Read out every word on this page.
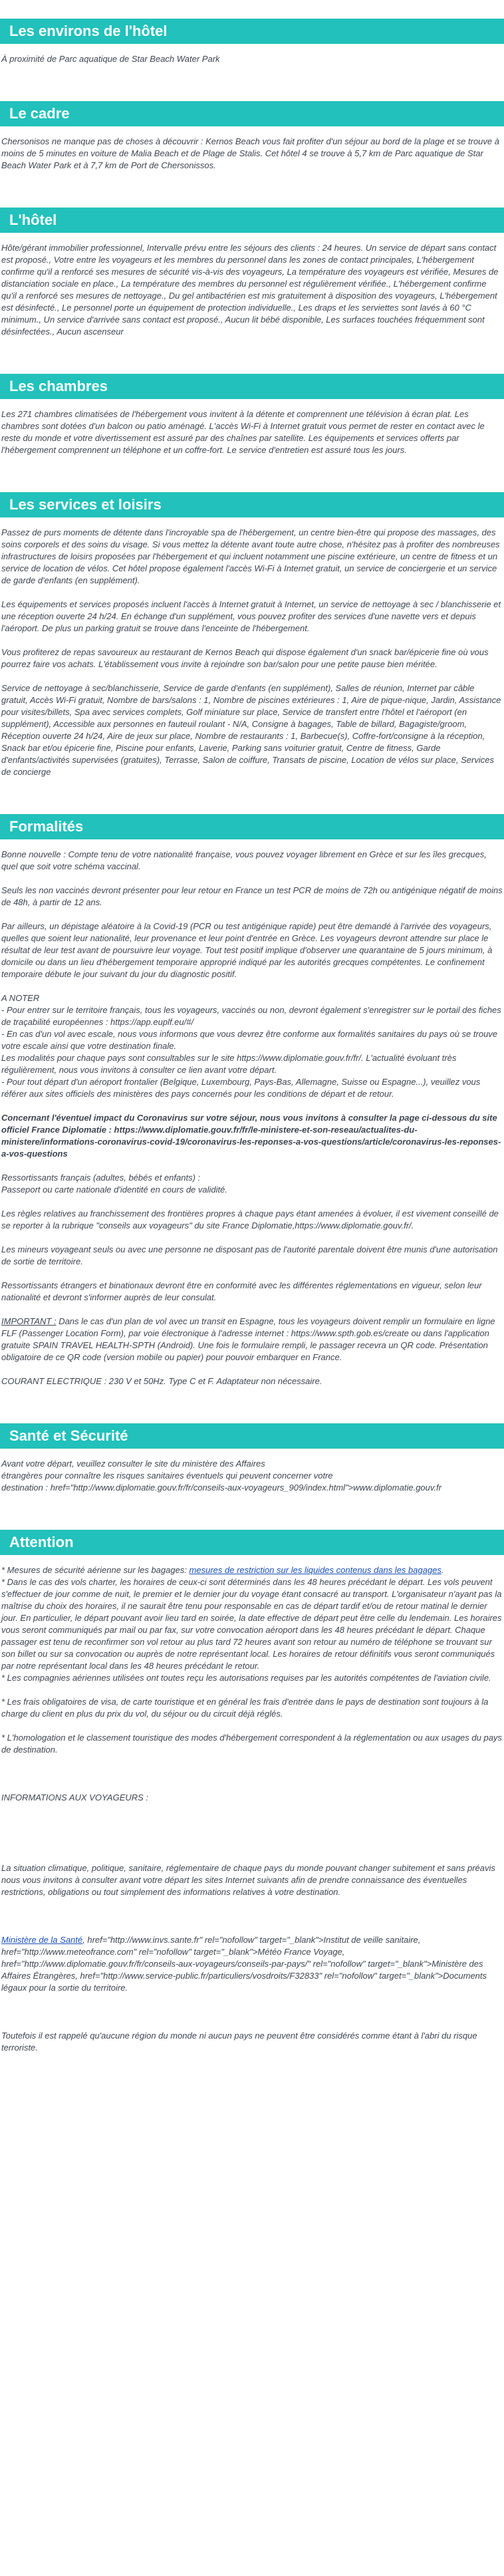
Les environs de l'hôtel

À proximité de Parc aquatique de Star Beach Water Park

Le cadre

Chersonisos ne manque pas de choses à découvrir : Kernos Beach vous fait profiter d'un séjour au bord de la plage et se trouve à moins de 5 minutes en voiture de Malia Beach et de Plage de Stalis. Cet hôtel 4 se trouve à 5,7 km de Parc aquatique de Star Beach Water Park et à 7,7 km de Port de Chersonissos.

L'hôtel

Hôte/gérant immobilier professionnel, Intervalle prévu entre les séjours des clients : 24 heures. Un service de départ sans contact est proposé., Votre entre les voyageurs et les membres du personnel dans les zones de contact principales, L'hébergement confirme qu'il a renforcé ses mesures de sécurité vis-à-vis des voyageurs, La température des voyageurs est vérifiée, Mesures de distanciation sociale en place., La température des membres du personnel est régulièrement vérifiée., L'hébergement confirme qu'il a renforcé ses mesures de nettoyage., Du gel antibactérien est mis gratuitement à disposition des voyageurs, L'hébergement est désinfecté., Le personnel porte un équipement de protection individuelle., Les draps et les serviettes sont lavés à 60 °C minimum., Un service d'arrivée sans contact est proposé., Aucun lit bébé disponible, Les surfaces touchées fréquemment sont désinfectées., Aucun ascenseur

Les chambres

Les 271 chambres climatisées de l'hébergement vous invitent à la détente et comprennent une télévision à écran plat. Les chambres sont dotées d'un balcon ou patio aménagé. L'accès Wi-Fi à Internet gratuit vous permet de rester en contact avec le reste du monde et votre divertissement est assuré par des chaînes par satellite. Les équipements et services offerts par l'hébergement comprennent un téléphone et un coffre-fort. Le service d'entretien est assuré tous les jours.

Les services et loisirs

Passez de purs moments de détente dans l'incroyable spa de l'hébergement, un centre bien-être qui propose des massages, des soins corporels et des soins du visage. Si vous mettez la détente avant toute autre chose, n'hésitez pas à profiter des nombreuses infrastructures de loisirs proposées par l'hébergement et qui incluent notamment une piscine extérieure, un centre de fitness et un service de location de vélos. Cet hôtel propose également l'accès Wi-Fi à Internet gratuit, un service de conciergerie et un service de garde d'enfants (en supplément).

Les équipements et services proposés incluent l'accès à Internet gratuit à Internet, un service de nettoyage à sec / blanchisserie et une réception ouverte 24 h/24. En échange d'un supplément, vous pouvez profiter des services d'une navette vers et depuis l'aéroport. De plus un parking gratuit se trouve dans l'enceinte de l'hébergement.

Vous profiterez de repas savoureux au restaurant de Kernos Beach qui dispose également d'un snack bar/épicerie fine où vous pourrez faire vos achats. L'établissement vous invite à rejoindre son bar/salon pour une petite pause bien méritée.

Service de nettoyage à sec/blanchisserie, Service de garde d'enfants (en supplément), Salles de réunion, Internet par câble gratuit, Accès Wi-Fi gratuit, Nombre de bars/salons : 1, Nombre de piscines extérieures : 1, Aire de pique-nique, Jardin, Assistance pour visites/billets, Spa avec services complets, Golf miniature sur place, Service de transfert entre l'hôtel et l'aéroport (en supplément), Accessible aux personnes en fauteuil roulant - N/A, Consigne à bagages, Table de billard, Bagagiste/groom, Réception ouverte 24 h/24, Aire de jeux sur place, Nombre de restaurants : 1, Barbecue(s), Coffre-fort/consigne à la réception, Snack bar et/ou épicerie fine, Piscine pour enfants, Laverie, Parking sans voiturier gratuit, Centre de fitness, Garde d'enfants/activités supervisées (gratuites), Terrasse, Salon de coiffure, Transats de piscine, Location de vélos sur place, Services de concierge

Formalités

Bonne nouvelle : Compte tenu de votre nationalité française, vous pouvez voyager librement en Grèce et sur les îles grecques, quel que soit votre schéma vaccinal.

Seuls les non vaccinés devront présenter pour leur retour en France un test PCR de moins de 72h ou antigénique négatif de moins de 48h, à partir de 12 ans.

Par ailleurs, un dépistage aléatoire à la Covid-19 (PCR ou test antigénique rapide) peut être demandé à l'arrivée des voyageurs, quelles que soient leur nationalité, leur provenance et leur point d'entrée en Grèce. Les voyageurs devront attendre sur place le résultat de leur test avant de poursuivre leur voyage. Tout test positif implique d'observer une quarantaine de 5 jours minimum, à domicile ou dans un lieu d'hébergement temporaire approprié indiqué par les autorités grecques compétentes. Le confinement temporaire débute le jour suivant du jour du diagnostic positif.

A NOTER
- Pour entrer sur le territoire français, tous les voyageurs, vaccinés ou non, devront également s'enregistrer sur le portail des fiches de traçabilité européennes : https://app.euplf.eu/#/
- En cas d'un vol avec escale, nous vous informons que vous devrez être conforme aux formalités sanitaires du pays où se trouve votre escale ainsi que votre destination finale.
Les modalités pour chaque pays sont consultables sur le site https://www.diplomatie.gouv.fr/fr/. L'actualité évoluant très régulièrement, nous vous invitons à consulter ce lien avant votre départ.
- Pour tout départ d'un aéroport frontalier (Belgique, Luxembourg, Pays-Bas, Allemagne, Suisse ou Espagne...), veuillez vous référer aux sites officiels des ministères des pays concernés pour les conditions de départ et de retour.

Concernant l'éventuel impact du Coronavirus sur votre séjour, nous vous invitons à consulter la page ci-dessous du site officiel France Diplomatie : https://www.diplomatie.gouv.fr/fr/le-ministere-et-son-reseau/actualites-du-ministere/informations-coronavirus-covid-19/coronavirus-les-reponses-a-vos-questions/article/coronavirus-les-reponses-a-vos-questions

Ressortissants français (adultes, bébés et enfants) :
Passeport ou carte nationale d'identité en cours de validité.

Les règles relatives au franchissement des frontières propres à chaque pays étant amenées à évoluer, il est vivement conseillé de se reporter à la rubrique "conseils aux voyageurs" du site France Diplomatie,https://www.diplomatie.gouv.fr/.

Les mineurs voyageant seuls ou avec une personne ne disposant pas de l'autorité parentale doivent être munis d'une autorisation de sortie de territoire.

Ressortissants étrangers et binationaux devront être en conformité avec les différentes réglementations en vigueur, selon leur nationalité et devront s'informer auprès de leur consulat.

IMPORTANT : Dans le cas d'un plan de vol avec un transit en Espagne, tous les voyageurs doivent remplir un formulaire en ligne FLF (Passenger Location Form), par voie électronique à l'adresse internet : https://www.spth.gob.es/create ou dans l'application gratuite SPAIN TRAVEL HEALTH-SPTH (Android). Une fois le formulaire rempli, le passager recevra un QR code. Présentation obligatoire de ce QR code (version mobile ou papier) pour pouvoir embarquer en France.

COURANT ELECTRIQUE : 230 V et 50Hz. Type C et F. Adaptateur non nécessaire.

Santé et Sécurité

Avant votre départ, veuillez consulter le site du ministère des Affaires
étrangères pour connaître les risques sanitaires éventuels qui peuvent concerner votre
destination : href="http://www.diplomatie.gouv.fr/fr/conseils-aux-voyageurs_909/index.html">www.diplomatie.gouv.fr

Attention

* Mesures de sécurité aérienne sur les bagages: mesures de restriction sur les liquides contenus dans les bagages.

* Dans le cas des vols charter, les horaires de ceux-ci sont déterminés dans les 48 heures précédant le départ. Les vols peuvent s'effectuer de jour comme de nuit, le premier et le dernier jour du voyage étant consacré au transport. L'organisateur n'ayant pas la maîtrise du choix des horaires, il ne saurait être tenu pour responsable en cas de départ tardif et/ou de retour matinal le dernier jour. En particulier, le départ pouvant avoir lieu tard en soirée, la date effective de départ peut être celle du lendemain. Les horaires vous seront communiqués par mail ou par fax, sur votre convocation aéroport dans les 48 heures précédant le départ. Chaque passager est tenu de reconfirmer son vol retour au plus tard 72 heures avant son retour au numéro de téléphone se trouvant sur son billet ou sur sa convocation ou auprès de notre représentant local. Les horaires de retour définitifs vous seront communiqués par notre représentant local dans les 48 heures précédant le retour.

* Les compagnies aériennes utilisées ont toutes reçu les autorisations requises par les autorités compétentes de l'aviation civile.

* Les frais obligatoires de visa, de carte touristique et en général les frais d'entrée dans le pays de destination sont toujours à la charge du client en plus du prix du vol, du séjour ou du circuit déjà réglés.

* L'homologation et le classement touristique des modes d'hébergement correspondent à la réglementation ou aux usages du pays de destination.

INFORMATIONS AUX VOYAGEURS :

La situation climatique, politique, sanitaire, réglementaire de chaque pays du monde pouvant changer subitement et sans préavis
nous vous invitons à consulter avant votre départ les sites Internet suivants afin de prendre connaissance des éventuelles restrictions, obligations ou tout simplement des informations relatives à votre destination.

Ministère de la Santé, href="http://www.invs.sante.fr" rel="nofollow" target="_blank">Institut de veille sanitaire, href="http://www.meteofrance.com" rel="nofollow" target="_blank">Météo France Voyage, href="http://www.diplomatie.gouv.fr/fr/conseils-aux-voyageurs/conseils-par-pays/" rel="nofollow" target="_blank">Ministère des Affaires Étrangères, href="http://www.service-public.fr/particuliers/vosdroits/F32833" rel="nofollow" target="_blank">Documents légaux pour la sortie du territoire.

Toutefois il est rappelé qu'aucune région du monde ni aucun pays ne peuvent être considérés comme étant à l'abri du risque terroriste.
